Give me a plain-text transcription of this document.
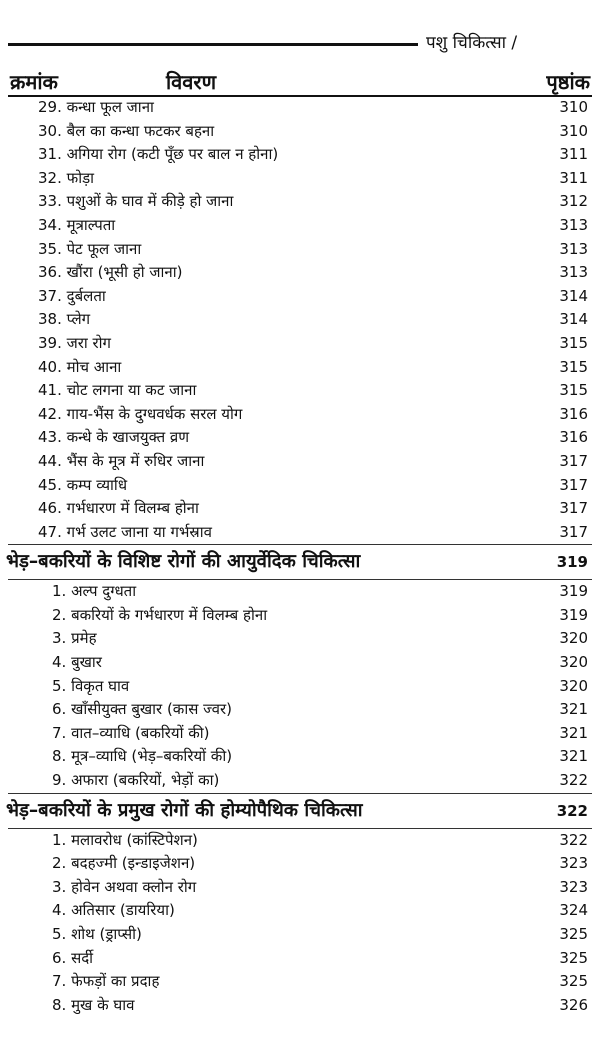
पशु चिकित्सा /
क्रमांक	विवरण	पृष्ठांक
29. कन्धा फूल जाना	310
30. बैल का कन्धा फटकर बहना	310
31. अगिया रोग (कटी पूँछ पर बाल न होना)	311
32. फोड़ा	311
33. पशुओं के घाव में कीड़े हो जाना	312
34. मूत्राल्पता	313
35. पेट फूल जाना	313
36. खौंरा (भूसी हो जाना)	313
37. दुर्बलता	314
38. प्लेग	314
39. जरा रोग	315
40. मोच आना	315
41. चोट लगना या कट जाना	315
42. गाय-भैंस के दुग्धवर्धक सरल योग	316
43. कन्धे के खाजयुक्त व्रण	316
44. भैंस के मूत्र में रुधिर जाना	317
45. कम्प व्याधि	317
46. गर्भधारण में विलम्ब होना	317
47. गर्भ उलट जाना या गर्भस्राव	317
भेड़–बकरियों के विशिष्ट रोगों की आयुर्वेदिक चिकित्सा	319
1. अल्प दुग्धता	319
2. बकरियों के गर्भधारण में विलम्ब होना	319
3. प्रमेह	320
4. बुखार	320
5. विकृत घाव	320
6. खाँसीयुक्त बुखार (कास ज्वर)	321
7. वात–व्याधि (बकरियों की)	321
8. मूत्र–व्याधि (भेड़–बकरियों की)	321
9. अफारा (बकरियों, भेड़ों का)	322
भेड़–बकरियों के प्रमुख रोगों की होम्योपैथिक चिकित्सा	322
1. मलावरोध (कांस्टिपेशन)	322
2. बदहज्मी (इन्डाइजेशन)	323
3. होवेन अथवा क्लोन रोग	323
4. अतिसार (डायरिया)	324
5. शोथ (ड्राप्सी)	325
6. सर्दी	325
7. फेफड़ों का प्रदाह	325
8. मुख के घाव	326
